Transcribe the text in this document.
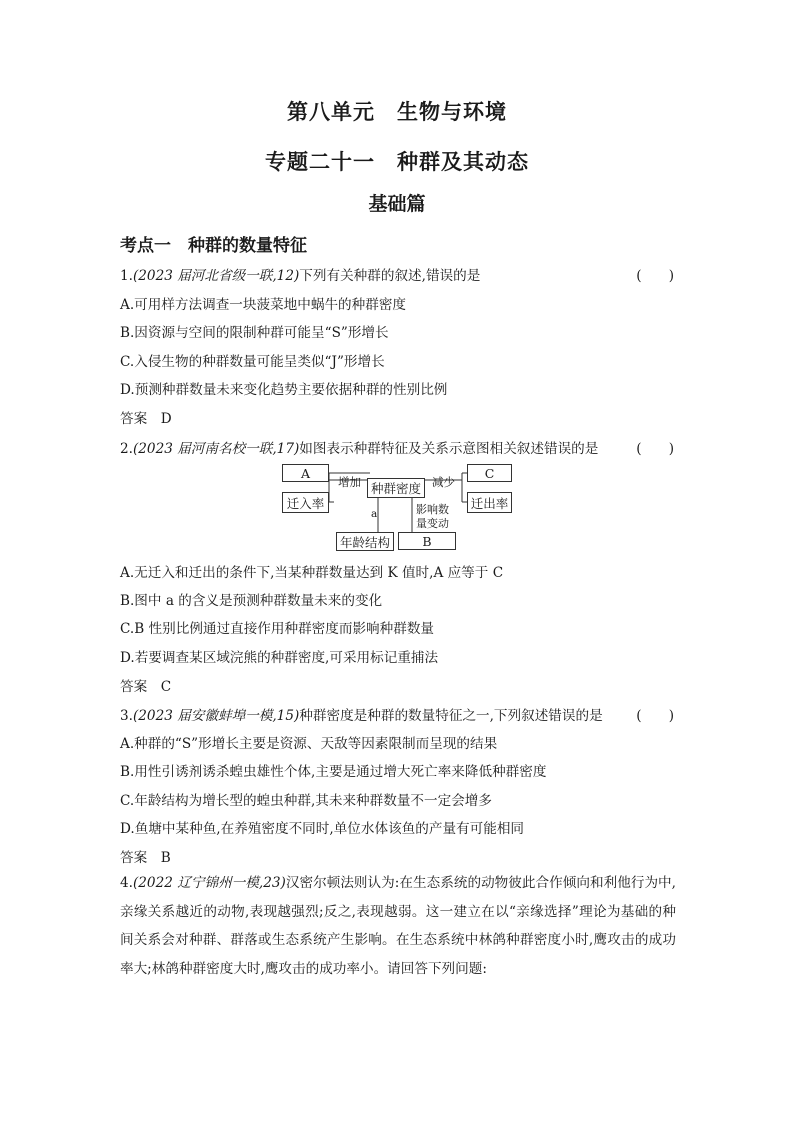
第八单元　生物与环境
专题二十一　种群及其动态
基础篇
考点一　种群的数量特征
1.(2023 届河北省级一联,12)下列有关种群的叙述,错误的是	(　　)
A.可用样方法调查一块菠菜地中蜗牛的种群密度
B.因资源与空间的限制种群可能呈“S”形增长
C.入侵生物的种群数量可能呈类似“J”形增长
D.预测种群数量未来变化趋势主要依据种群的性别比例
答案　D
2.(2023 届河南名校一联,17)如图表示种群特征及关系示意图相关叙述错误的是	(　　)
A
迁入率
种群密度
C
迁出率
年龄结构	B
增加	减少
a	影响数
量变动
A.无迁入和迁出的条件下,当某种群数量达到 K 值时,A 应等于 C
B.图中 a 的含义是预测种群数量未来的变化
C.B 性别比例通过直接作用种群密度而影响种群数量
D.若要调查某区域浣熊的种群密度,可采用标记重捕法
答案　C
3.(2023 届安徽蚌埠一模,15)种群密度是种群的数量特征之一,下列叙述错误的是 (　　)
A.种群的“S”形增长主要是资源、天敌等因素限制而呈现的结果
B.用性引诱剂诱杀蝗虫雄性个体,主要是通过增大死亡率来降低种群密度
C.年龄结构为增长型的蝗虫种群,其未来种群数量不一定会增多
D.鱼塘中某种鱼,在养殖密度不同时,单位水体该鱼的产量有可能相同
答案　B
4.(2022 辽宁锦州一模,23)汉密尔顿法则认为:在生态系统的动物彼此合作倾向和利他行为中,亲缘关系越近的动物,表现越强烈;反之,表现越弱。这一建立在以“亲缘选择”理论为基础的种间关系会对种群、群落或生态系统产生影响。在生态系统中林鸽种群密度小时,鹰攻击的成功率大;林鸽种群密度大时,鹰攻击的成功率小。请回答下列问题:
